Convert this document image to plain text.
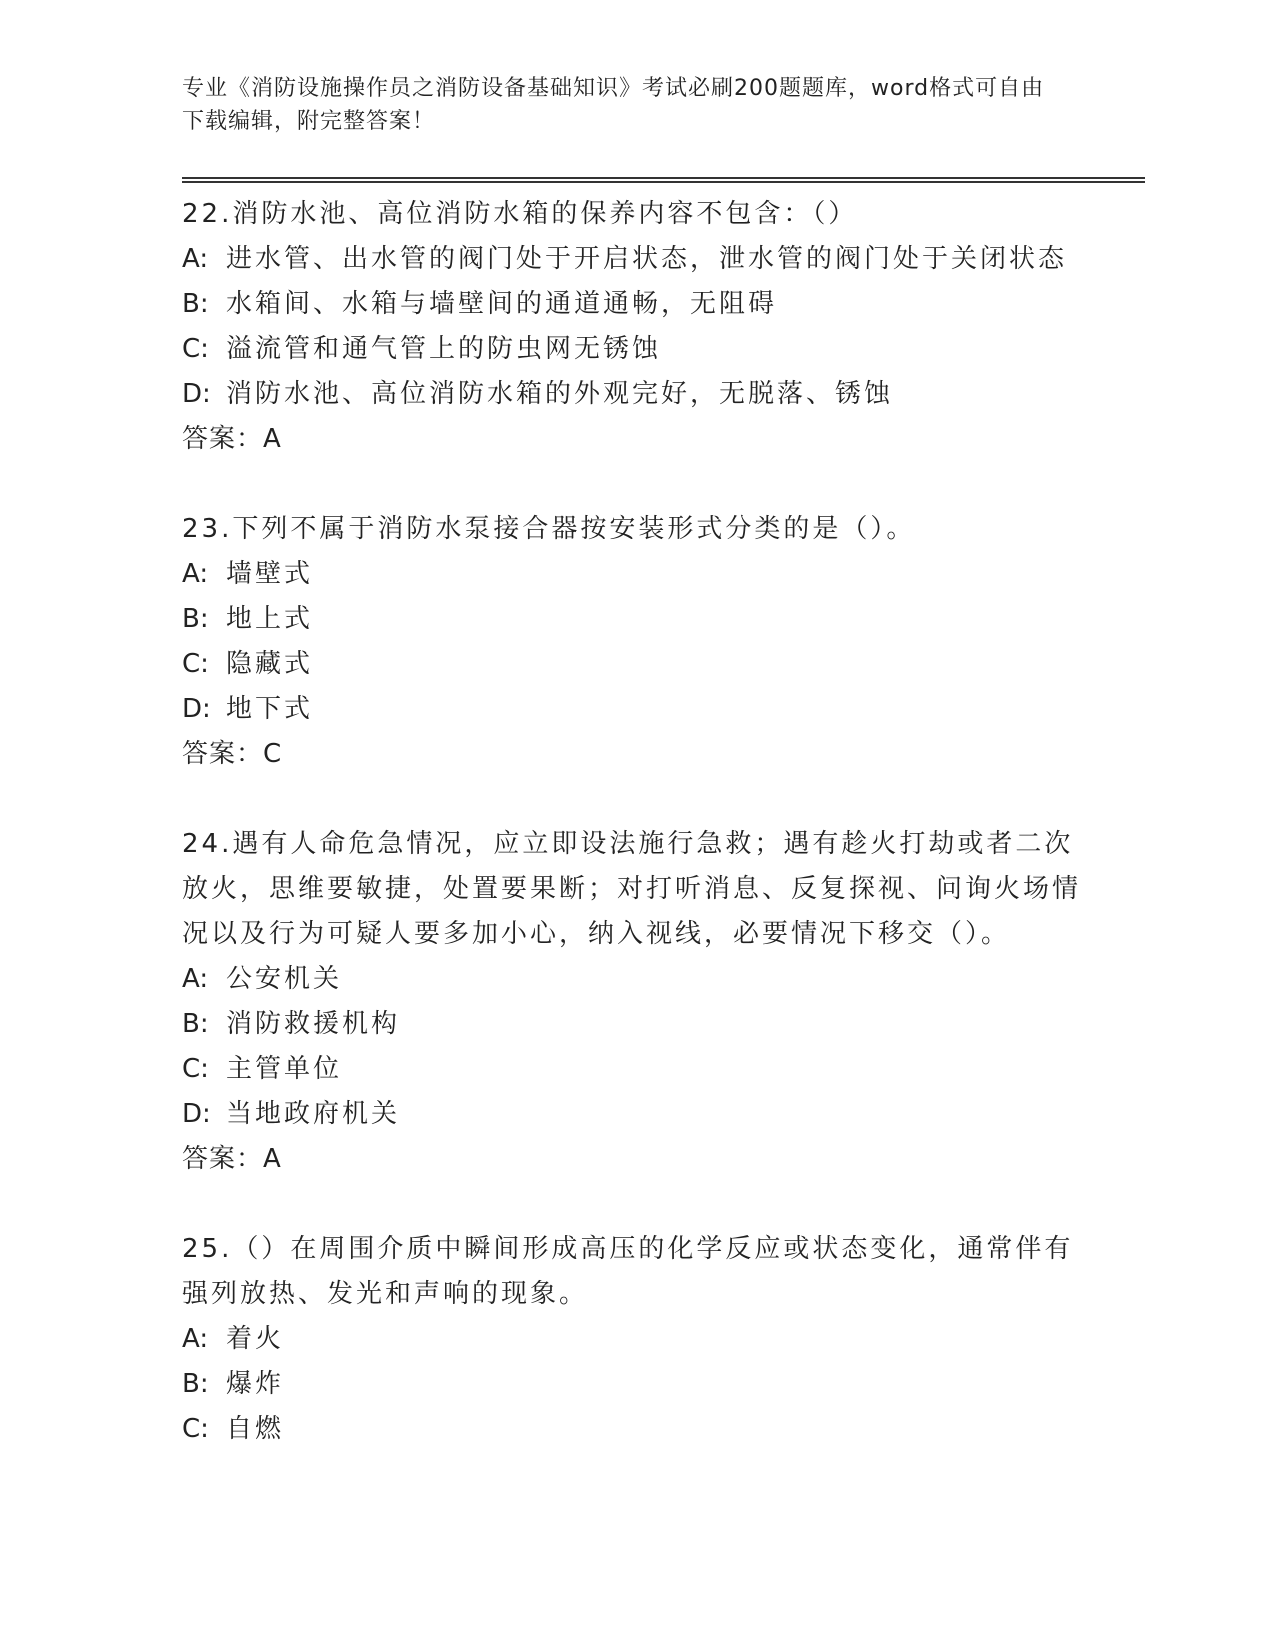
专业《消防设施操作员之消防设备基础知识》考试必刷200题题库，word格式可自由下载编辑，附完整答案！
22.消防水池、高位消防水箱的保养内容不包含：（）
A: 进水管、出水管的阀门处于开启状态，泄水管的阀门处于关闭状态
B: 水箱间、水箱与墙壁间的通道通畅，无阻碍
C: 溢流管和通气管上的防虫网无锈蚀
D: 消防水池、高位消防水箱的外观完好，无脱落、锈蚀
答案：A
23.下列不属于消防水泵接合器按安装形式分类的是（）。
A: 墙壁式
B: 地上式
C: 隐藏式
D: 地下式
答案：C
24.遇有人命危急情况，应立即设法施行急救；遇有趁火打劫或者二次放火，思维要敏捷，处置要果断；对打听消息、反复探视、问询火场情况以及行为可疑人要多加小心，纳入视线，必要情况下移交（）。
A: 公安机关
B: 消防救援机构
C: 主管单位
D: 当地政府机关
答案：A
25.（）在周围介质中瞬间形成高压的化学反应或状态变化，通常伴有强列放热、发光和声响的现象。
A: 着火
B: 爆炸
C: 自燃
